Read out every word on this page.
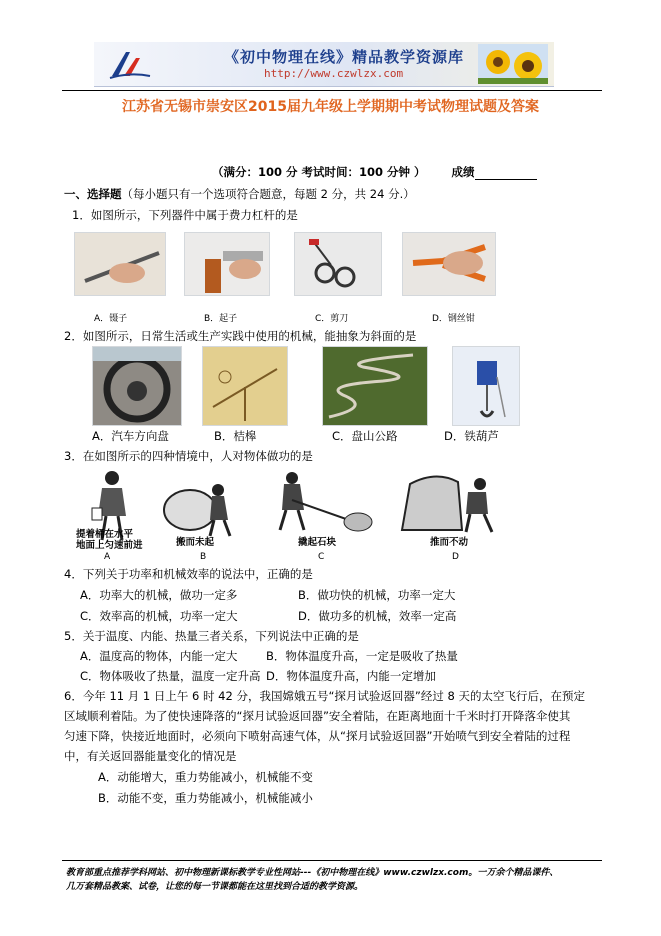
《初中物理在线》精品教学资源库
http://www.czwlzx.com
江苏省无锡市崇安区2015届九年级上学期期中考试物理试题及答案
（满分：100 分 考试时间：100 分钟 ） 成绩
一、选择题（每小题只有一个选项符合题意，每题 2 分，共 24 分.）
1．如图所示，下列器件中属于费力杠杆的是
A．镊子	B．起子	C．剪刀	D．钢丝钳
2．如图所示，日常生活或生产实践中使用的机械，能抽象为斜面的是
A．汽车方向盘	B．桔槔	C．盘山公路	D．铁葫芦
3．在如图所示的四种情境中，人对物体做功的是
提着桶在水平
地面上匀速前进	搬而未起	撬起石块	推而不动
A	B	C	D
4．下列关于功率和机械效率的说法中，正确的是
A．功率大的机械，做功一定多	B．做功快的机械，功率一定大
C．效率高的机械，功率一定大	D．做功多的机械，效率一定高
5．关于温度、内能、热量三者关系，下列说法中正确的是
A．温度高的物体，内能一定大 B．物体温度升高，一定是吸收了热量
C．物体吸收了热量，温度一定升高 D．物体温度升高，内能一定增加
6．今年 11 月 1 日上午 6 时 42 分，我国嫦娥五号“探月试验返回器”经过 8 天的太空飞行后，在预定
区域顺利着陆。为了使快速降落的“探月试验返回器”安全着陆，在距离地面十千米时打开降落伞使其
匀速下降，快接近地面时，必须向下喷射高速气体，从“探月试验返回器”开始喷气到安全着陆的过程
中，有关返回器能量变化的情况是
A．动能增大，重力势能减小，机械能不变
B．动能不变，重力势能减小，机械能减小
教育部重点推荐学科网站、初中物理新课标教学专业性网站---《初中物理在线》www.czwlzx.com。一万余个精品课件、
几万套精品教案、试卷，让您的每一节课都能在这里找到合适的教学资源。
